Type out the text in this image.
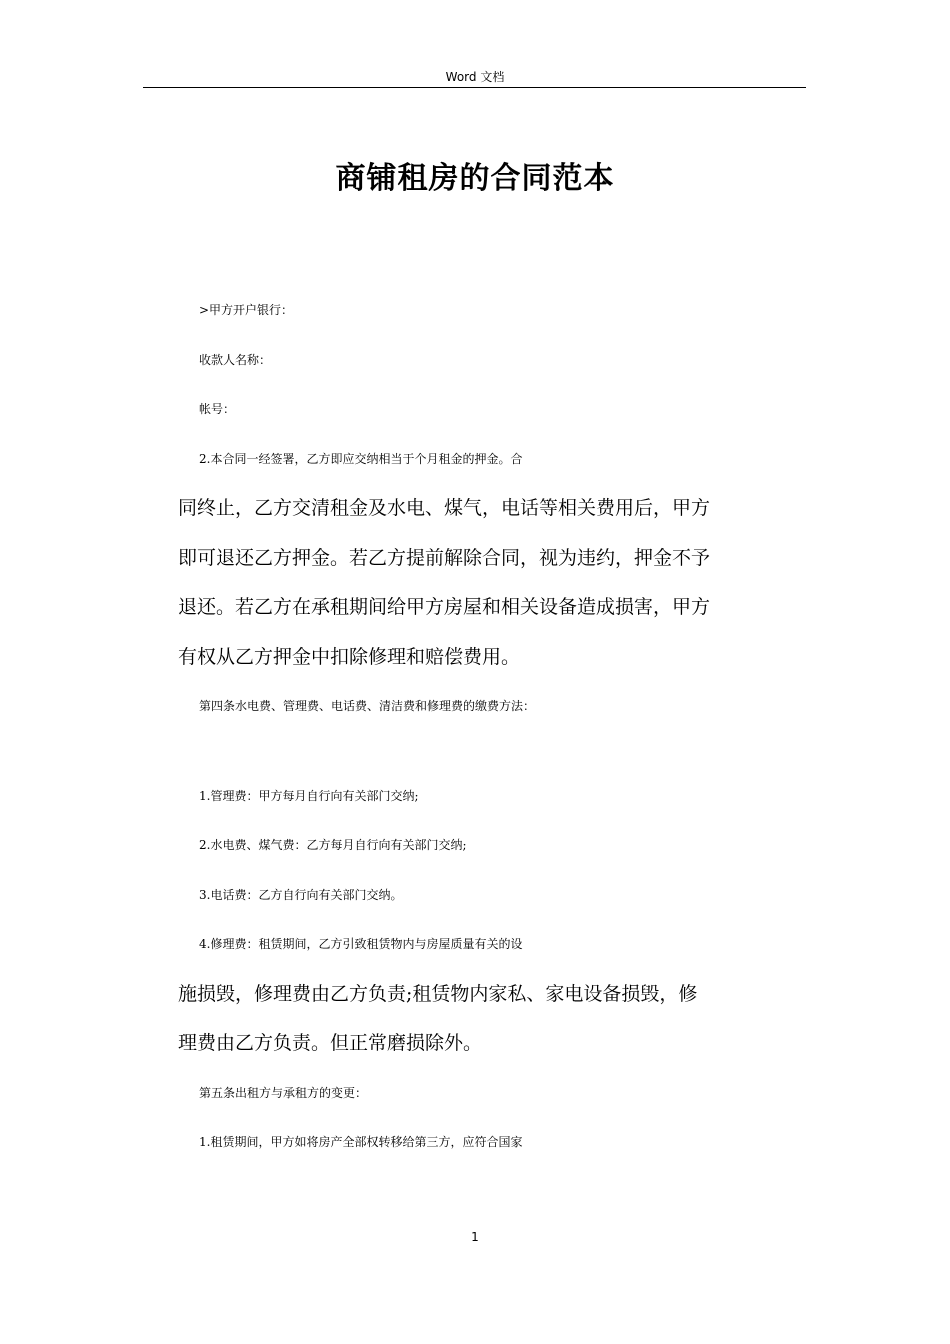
Word 文档
商铺租房的合同范本

>甲方开户银行：

收款人名称：

帐号：

2.本合同一经签署，乙方即应交纳相当于个月租金的押金。合
同终止，乙方交清租金及水电、煤气，电话等相关费用后，甲方
即可退还乙方押金。若乙方提前解除合同，视为违约，押金不予
退还。若乙方在承租期间给甲方房屋和相关设备造成损害，甲方
有权从乙方押金中扣除修理和赔偿费用。

第四条水电费、管理费、电话费、清洁费和修理费的缴费方法：

1.管理费：甲方每月自行向有关部门交纳;

2.水电费、煤气费：乙方每月自行向有关部门交纳;

3.电话费：乙方自行向有关部门交纳。

4.修理费：租赁期间，乙方引致租赁物内与房屋质量有关的设
施损毁，修理费由乙方负责;租赁物内家私、家电设备损毁，修
理费由乙方负责。但正常磨损除外。

第五条出租方与承租方的变更：

1.租赁期间，甲方如将房产全部权转移给第三方，应符合国家

1
